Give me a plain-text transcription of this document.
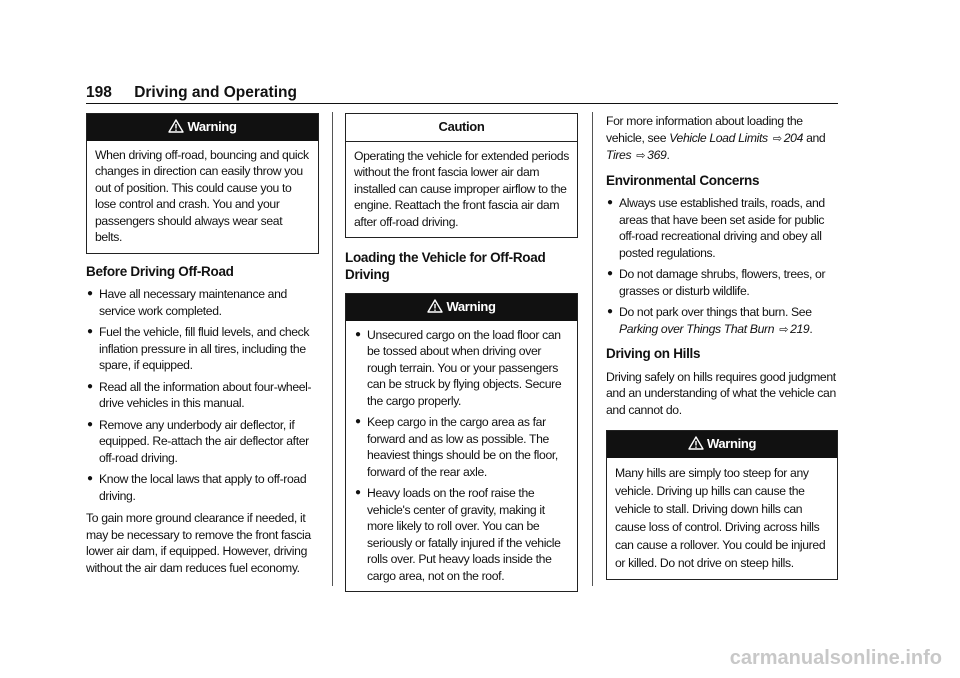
198 Driving and Operating
Warning

When driving off-road, bouncing and quick changes in direction can easily throw you out of position. This could cause you to lose control and crash. You and your passengers should always wear seat belts.

Before Driving Off-Road
● Have all necessary maintenance and service work completed.
● Fuel the vehicle, fill fluid levels, and check inflation pressure in all tires, including the spare, if equipped.
● Read all the information about four-wheel-drive vehicles in this manual.
● Remove any underbody air deflector, if equipped. Re-attach the air deflector after off-road driving.
● Know the local laws that apply to off-road driving.

To gain more ground clearance if needed, it may be necessary to remove the front fascia lower air dam, if equipped. However, driving without the air dam reduces fuel economy.

Caution

Operating the vehicle for extended periods without the front fascia lower air dam installed can cause improper airflow to the engine. Reattach the front fascia air dam after off-road driving.

Loading the Vehicle for Off-Road Driving
Warning
● Unsecured cargo on the load floor can be tossed about when driving over rough terrain. You or your passengers can be struck by flying objects. Secure the cargo properly.
● Keep cargo in the cargo area as far forward and as low as possible. The heaviest things should be on the floor, forward of the rear axle.
● Heavy loads on the roof raise the vehicle's center of gravity, making it more likely to roll over. You can be seriously or fatally injured if the vehicle rolls over. Put heavy loads inside the cargo area, not on the roof.

For more information about loading the vehicle, see Vehicle Load Limits ⇨ 204 and Tires ⇨ 369.

Environmental Concerns
● Always use established trails, roads, and areas that have been set aside for public off-road recreational driving and obey all posted regulations.
● Do not damage shrubs, flowers, trees, or grasses or disturb wildlife.
● Do not park over things that burn. See Parking over Things That Burn ⇨ 219.
Driving on Hills

Driving safely on hills requires good judgment and an understanding of what the vehicle can and cannot do.

Warning

Many hills are simply too steep for any vehicle. Driving up hills can cause the vehicle to stall. Driving down hills can cause loss of control. Driving across hills can cause a rollover. You could be injured or killed. Do not drive on steep hills.

carmanualsonline.info
